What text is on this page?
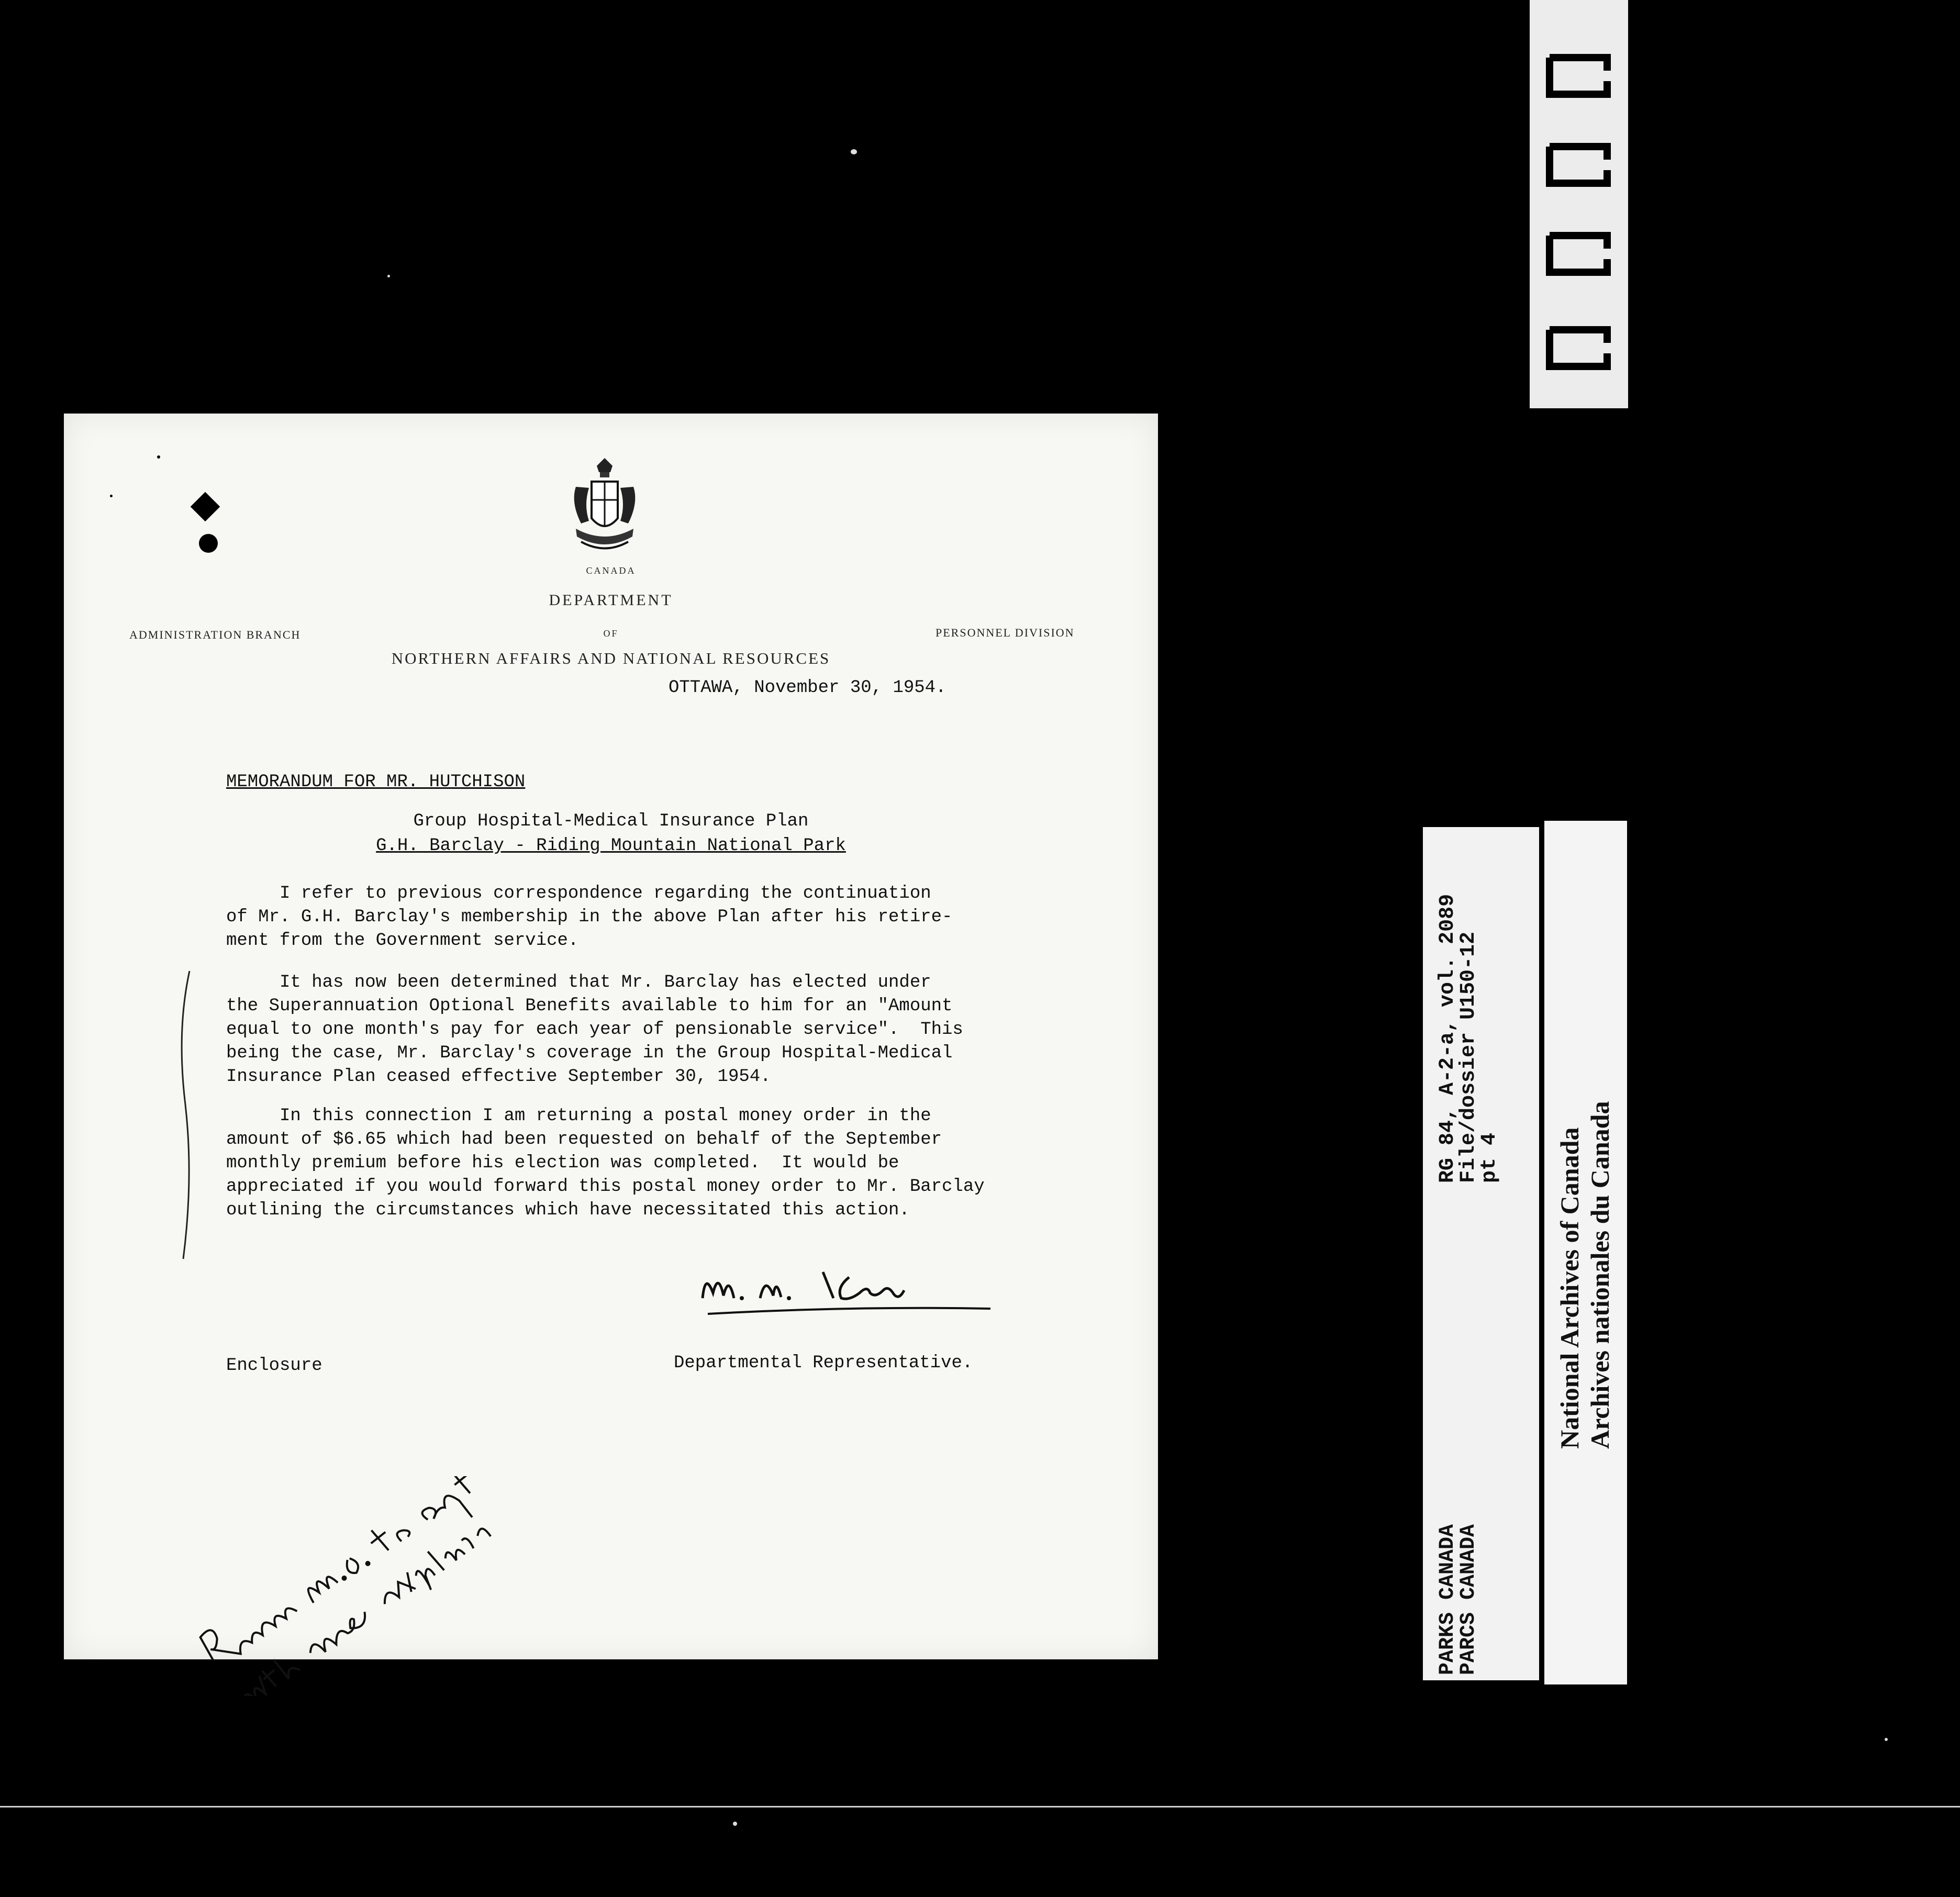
CANADA
DEPARTMENT
OF
ADMINISTRATION BRANCH	PERSONNEL DIVISION
NORTHERN AFFAIRS AND NATIONAL RESOURCES
OTTAWA, November 30, 1954.
MEMORANDUM FOR MR. HUTCHISON
Group Hospital-Medical Insurance Plan
G.H. Barclay - Riding Mountain National Park
I refer to previous correspondence regarding the continuation
of Mr. G.H. Barclay's membership in the above Plan after his retire-
ment from the Government service.
It has now been determined that Mr. Barclay has elected under
the Superannuation Optional Benefits available to him for an "Amount
equal to one month's pay for each year of pensionable service".  This
being the case, Mr. Barclay's coverage in the Group Hospital-Medical
Insurance Plan ceased effective September 30, 1954.
In this connection I am returning a postal money order in the
amount of $6.65 which had been requested on behalf of the September
monthly premium before his election was completed.  It would be
appreciated if you would forward this postal money order to Mr. Barclay
outlining the circumstances which have necessitated this action.
Enclosure	Departmental Representative.
RG 84, A-2-a, vol. 2089
File/dossier U150-12
pt 4
PARKS CANADA
PARCS CANADA
National Archives of Canada Archives nationales du Canada
